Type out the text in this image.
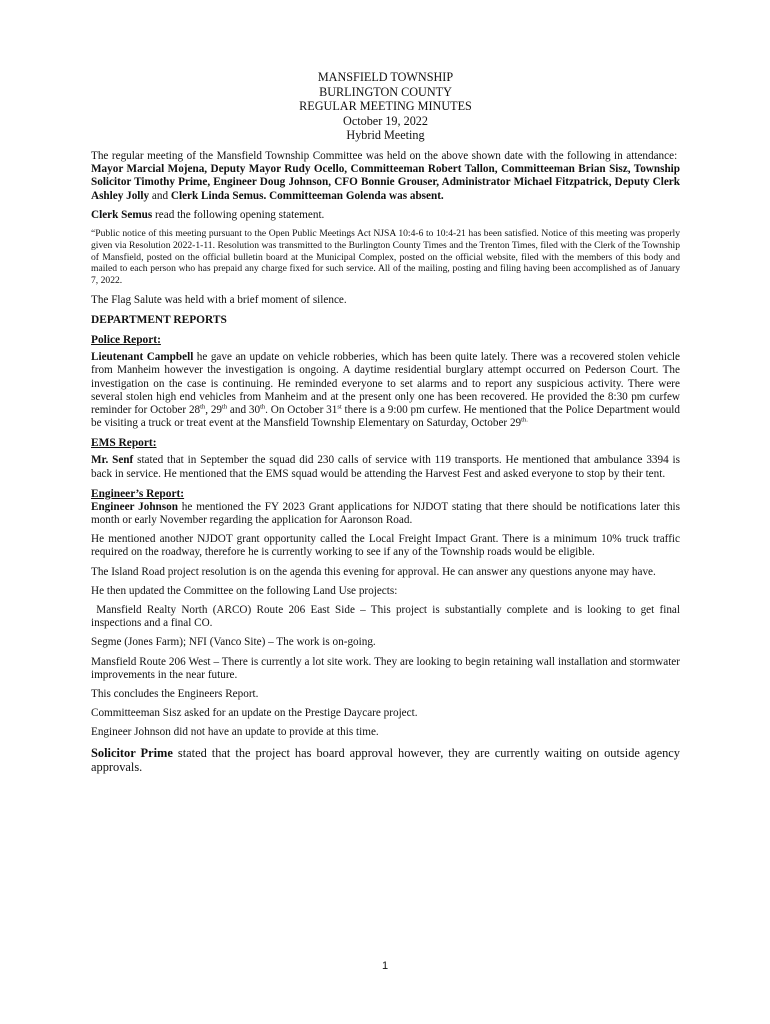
MANSFIELD TOWNSHIP
BURLINGTON COUNTY
REGULAR MEETING MINUTES
October 19, 2022
Hybrid Meeting

The regular meeting of the Mansfield Township Committee was held on the above shown date with the following in attendance:  Mayor Marcial Mojena, Deputy Mayor Rudy Ocello, Committeeman Robert Tallon, Committeeman Brian Sisz, Township Solicitor Timothy Prime, Engineer Doug Johnson, CFO Bonnie Grouser, Administrator Michael Fitzpatrick, Deputy Clerk Ashley Jolly and Clerk Linda Semus. Committeeman Golenda was absent.

Clerk Semus read the following opening statement.

“Public notice of this meeting pursuant to the Open Public Meetings Act NJSA 10:4-6 to 10:4-21 has been satisfied. Notice of this meeting was properly given via Resolution 2022-1-11. Resolution was transmitted to the Burlington County Times and the Trenton Times, filed with the Clerk of the Township of Mansfield, posted on the official bulletin board at the Municipal Complex, posted on the official website, filed with the members of this body and mailed to each person who has prepaid any charge fixed for such service. All of the mailing, posting and filing having been accomplished as of January 7, 2022.

The Flag Salute was held with a brief moment of silence.

DEPARTMENT REPORTS
Police Report:

Lieutenant Campbell he gave an update on vehicle robberies, which has been quite lately. There was a recovered stolen vehicle from Manheim however the investigation is ongoing. A daytime residential burglary attempt occurred on Pederson Court. The investigation on the case is continuing. He reminded everyone to set alarms and to report any suspicious activity. There were several stolen high end vehicles from Manheim and at the present only one has been recovered. He provided the 8:30 pm curfew reminder for October 28th, 29th and 30th. On October 31st there is a 9:00 pm curfew. He mentioned that the Police Department would be visiting a truck or treat event at the Mansfield Township Elementary on Saturday, October $29^{th.}$

EMS Report:

Mr. Senf stated that in September the squad did 230 calls of service with 119 transports. He mentioned that ambulance 3394 is back in service. He mentioned that the EMS squad would be attending the Harvest Fest and asked everyone to stop by their tent.

Engineer’s Report:

Engineer Johnson he mentioned the FY 2023 Grant applications for NJDOT stating that there should be notifications later this month or early November regarding the application for Aaronson Road.

He mentioned another NJDOT grant opportunity called the Local Freight Impact Grant. There is a minimum 10% truck traffic required on the roadway, therefore he is currently working to see if any of the Township roads would be eligible.

The Island Road project resolution is on the agenda this evening for approval. He can answer any questions anyone may have.

He then updated the Committee on the following Land Use projects:

Mansfield Realty North (ARCO) Route 206 East Side – This project is substantially complete and is looking to get final inspections and a final CO.

Segme (Jones Farm); NFI (Vanco Site) – The work is on-going.

Mansfield Route 206 West – There is currently a lot site work. They are looking to begin retaining wall installation and stormwater improvements in the near future.

This concludes the Engineers Report.

Committeeman Sisz asked for an update on the Prestige Daycare project.

Engineer Johnson did not have an update to provide at this time.

Solicitor Prime stated that the project has board approval however, they are currently waiting on outside agency approvals.

1
